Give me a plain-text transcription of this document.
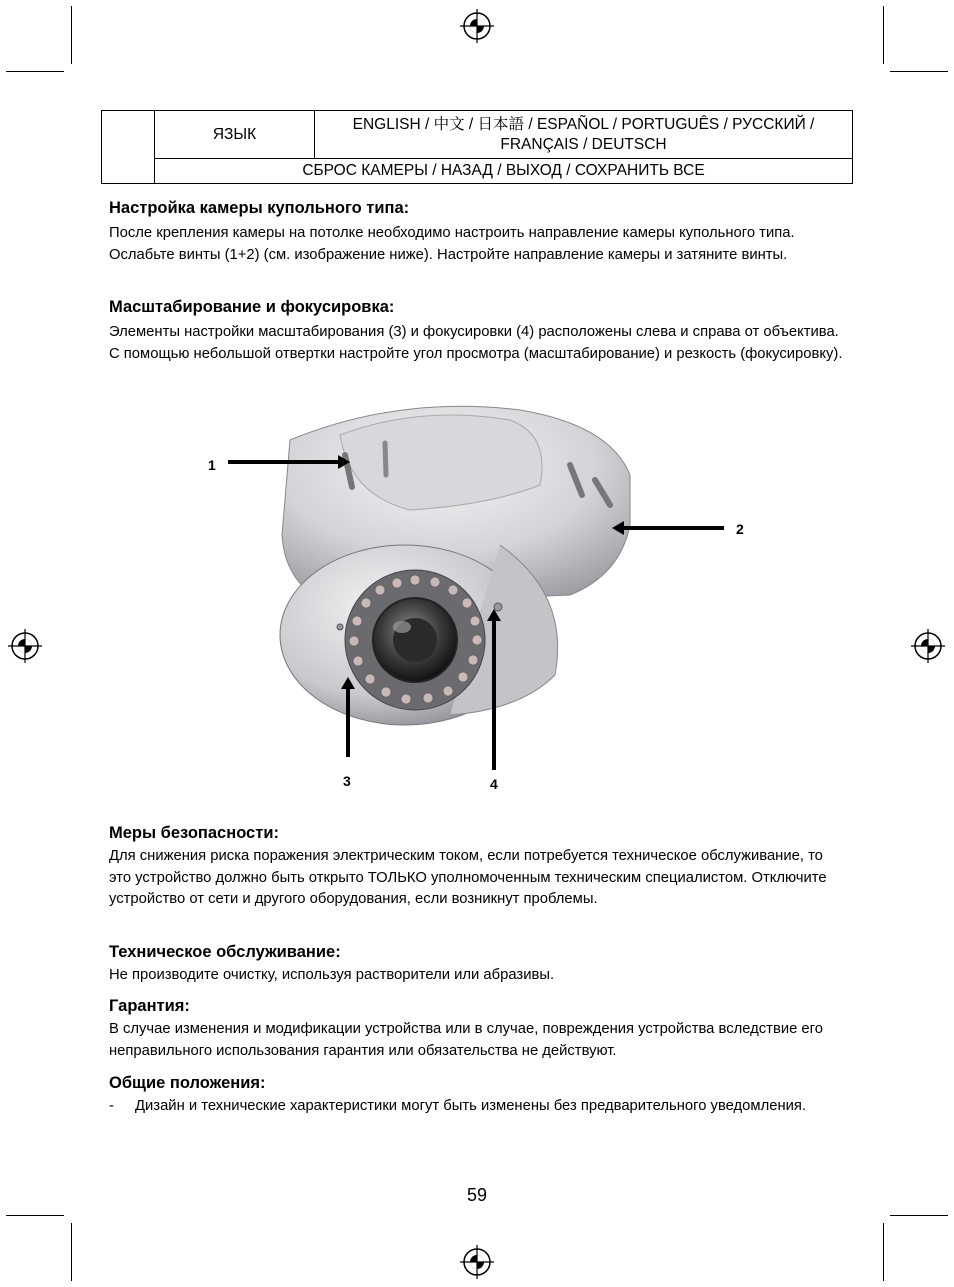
	ЯЗЫК	ENGLISH / 中文 / 日本語 / ESPAÑOL / PORTUGUÊS / РУССКИЙ / FRANÇAIS / DEUTSCH
СБРОС КАМЕРЫ / НАЗАД / ВЫХОД / СОХРАНИТЬ ВСЕ

Настройка камеры купольного типа:

После крепления камеры на потолке необходимо настроить направление камеры купольного типа. Ослабьте винты (1+2) (см. изображение ниже). Настройте направление камеры и затяните винты.

Масштабирование и фокусировка:

Элементы настройки масштабирования (3) и фокусировки (4) расположены слева и справа от объектива. С помощью небольшой отвертки настройте угол просмотра (масштабирование) и резкость (фокусировку).

1
2
3	4

Меры безопасности:

Для снижения риска поражения электрическим током, если потребуется техническое обслуживание, то это устройство должно быть открыто ТОЛЬКО уполномоченным техническим специалистом. Отключите устройство от сети и другого оборудования, если возникнут проблемы.

Техническое обслуживание:

Не производите очистку, используя растворители или абразивы.

Гарантия:

В случае изменения и модификации устройства или в случае, повреждения устройства вследствие его неправильного использования гарантия или обязательства не действуют.

Общие положения:

-	Дизайн и технические характеристики могут быть изменены без предварительного уведомления.
59
